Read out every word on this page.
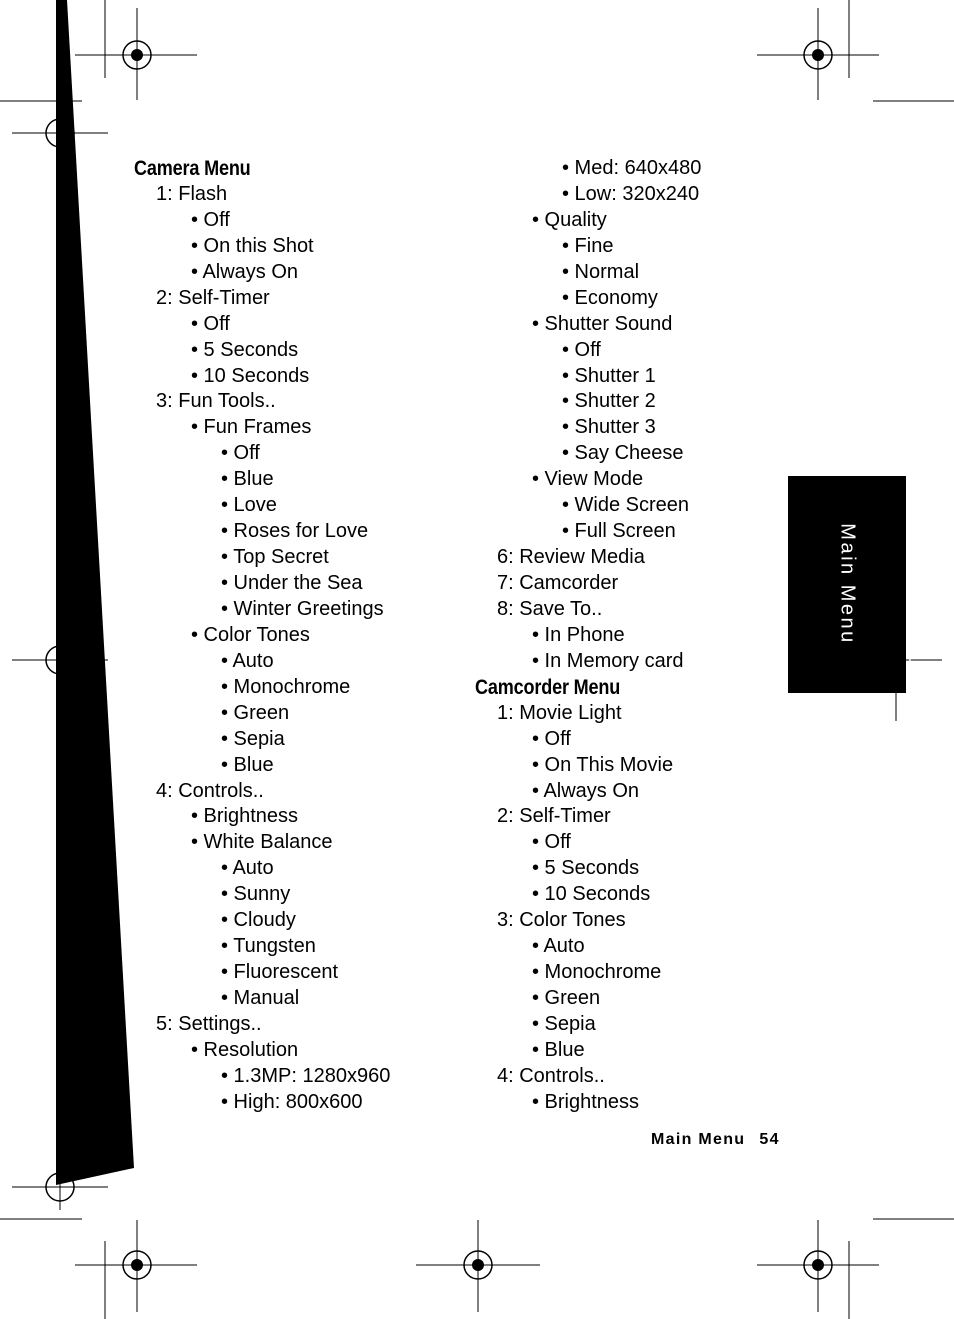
Camera Menu
1: Flash
• Off
• On this Shot
• Always On
2: Self-Timer
• Off
• 5 Seconds
• 10 Seconds
3: Fun Tools..
• Fun Frames
• Off
• Blue
• Love
• Roses for Love
• Top Secret
• Under the Sea
• Winter Greetings
• Color Tones
• Auto
• Monochrome
• Green
• Sepia
• Blue
4: Controls..
• Brightness
• White Balance
• Auto
• Sunny
• Cloudy
• Tungsten
• Fluorescent
• Manual
5: Settings..
• Resolution
• 1.3MP: 1280x960
• High: 800x600
• Med: 640x480
• Low: 320x240
• Quality
• Fine
• Normal
• Economy
• Shutter Sound
• Off
• Shutter 1
• Shutter 2
• Shutter 3
• Say Cheese
• View Mode
• Wide Screen
• Full Screen
6: Review Media
7: Camcorder
8: Save To..
• In Phone
• In Memory card
Camcorder Menu
1: Movie Light
• Off
• On This Movie
• Always On
2: Self-Timer
• Off
• 5 Seconds
• 10 Seconds
3: Color Tones
• Auto
• Monochrome
• Green
• Sepia
• Blue
4: Controls..
• Brightness
Main Menu
Main Menu 54
